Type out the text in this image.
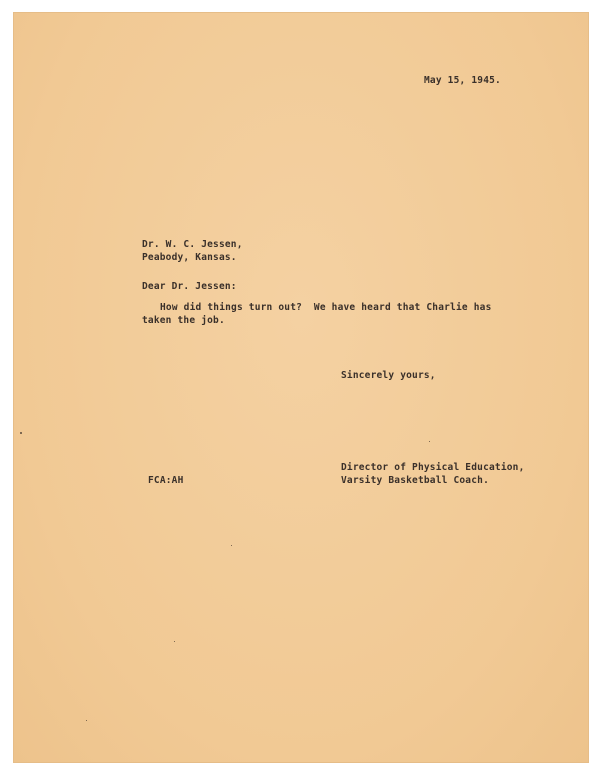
May 15, 1945.
Dr. W. C. Jessen,
Peabody, Kansas.
Dear Dr. Jessen:
How did things turn out?  We have heard that Charlie has
taken the job.
Sincerely yours,
Director of Physical Education,
Varsity Basketball Coach.
FCA:AH
